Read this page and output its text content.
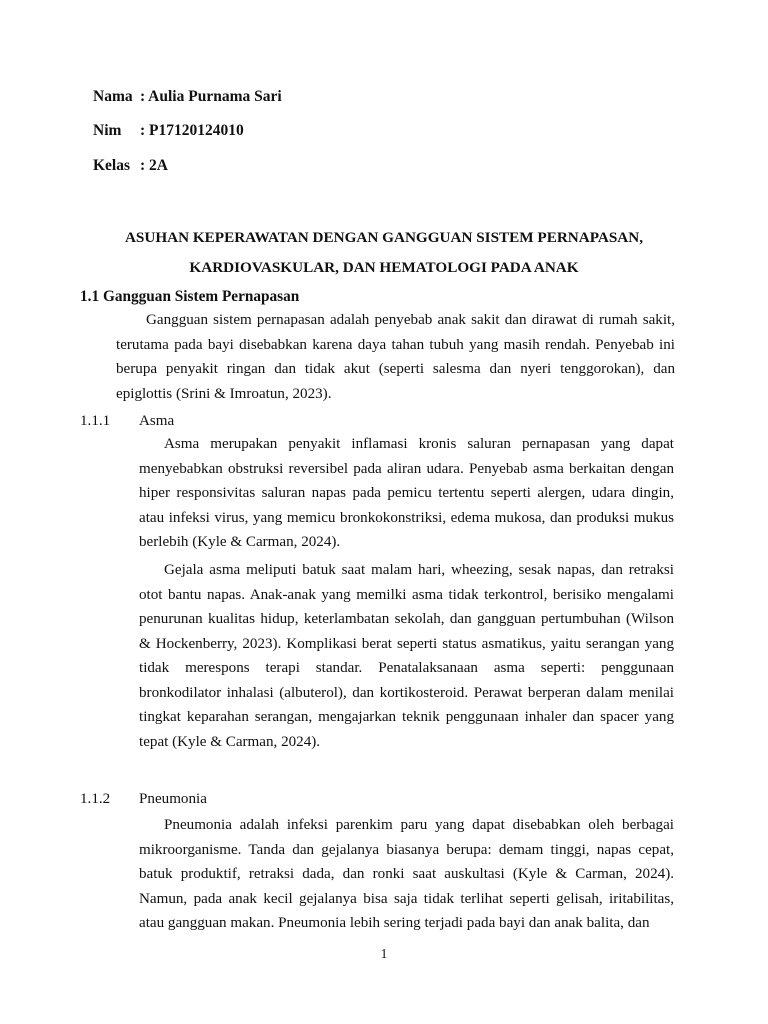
Nama : Aulia Purnama Sari
Nim : P17120124010
Kelas : 2A
ASUHAN KEPERAWATAN DENGAN GANGGUAN SISTEM PERNAPASAN,
KARDIOVASKULAR, DAN HEMATOLOGI PADA ANAK
1.1 Gangguan Sistem Pernapasan

Gangguan sistem pernapasan adalah penyebab anak sakit dan dirawat di rumah sakit, terutama pada bayi disebabkan karena daya tahan tubuh yang masih rendah. Penyebab ini berupa penyakit ringan dan tidak akut (seperti salesma dan nyeri tenggorokan), dan epiglottis (Srini & Imroatun, 2023).

1.1.1 Asma

Asma merupakan penyakit inflamasi kronis saluran pernapasan yang dapat menyebabkan obstruksi reversibel pada aliran udara. Penyebab asma berkaitan dengan hiper responsivitas saluran napas pada pemicu tertentu seperti alergen, udara dingin, atau infeksi virus, yang memicu bronkokonstriksi, edema mukosa, dan produksi mukus berlebih (Kyle & Carman, 2024).

Gejala asma meliputi batuk saat malam hari, wheezing, sesak napas, dan retraksi otot bantu napas. Anak-anak yang memilki asma tidak terkontrol, berisiko mengalami penurunan kualitas hidup, keterlambatan sekolah, dan gangguan pertumbuhan (Wilson & Hockenberry, 2023). Komplikasi berat seperti status asmatikus, yaitu serangan yang tidak merespons terapi standar. Penatalaksanaan asma seperti: penggunaan bronkodilator inhalasi (albuterol), dan kortikosteroid. Perawat berperan dalam menilai tingkat keparahan serangan, mengajarkan teknik penggunaan inhaler dan spacer yang tepat (Kyle & Carman, 2024).

1.1.2 Pneumonia

Pneumonia adalah infeksi parenkim paru yang dapat disebabkan oleh berbagai mikroorganisme. Tanda dan gejalanya biasanya berupa: demam tinggi, napas cepat, batuk produktif, retraksi dada, dan ronki saat auskultasi (Kyle & Carman, 2024). Namun, pada anak kecil gejalanya bisa saja tidak terlihat seperti gelisah, iritabilitas, atau gangguan makan. Pneumonia lebih sering terjadi pada bayi dan anak balita, dan

1
